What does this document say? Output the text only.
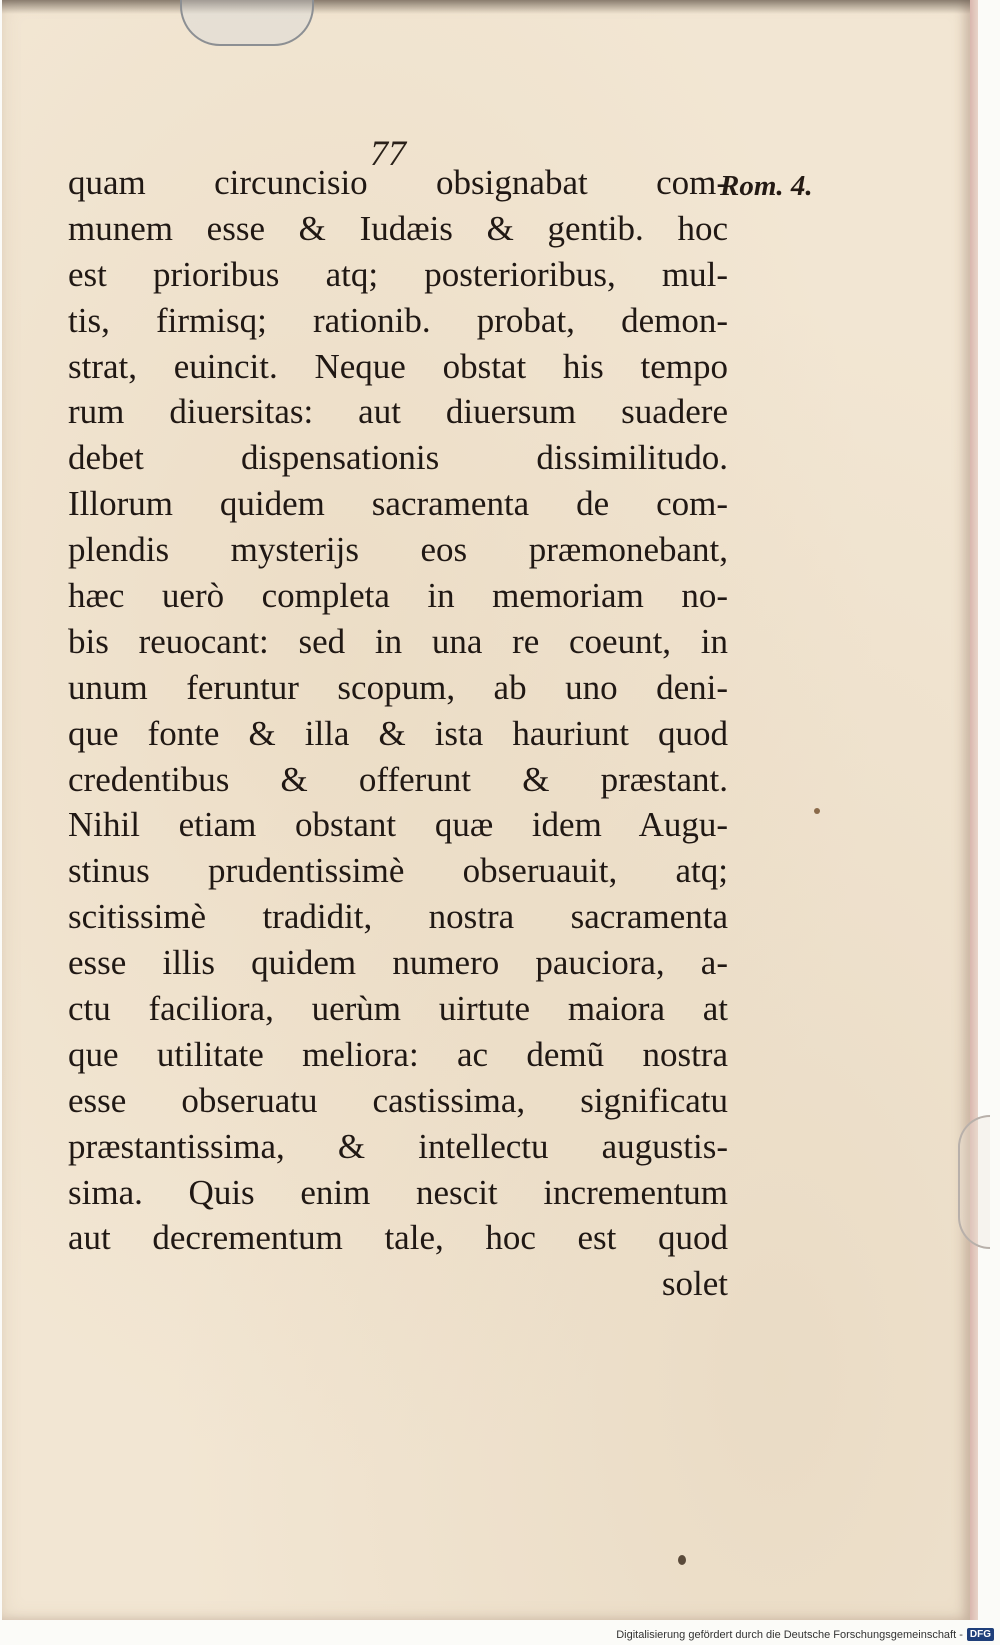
77
Rom. 4.
quam circuncisio obsignabat com-
munem esse & Iudæis & gentib. hoc
est prioribus atq; posterioribus, mul-
tis, firmisq; rationib. probat, demon-
strat, euincit. Neque obstat his tempo
rum diuersitas: aut diuersum suadere
debet dispensationis dissimilitudo.
Illorum quidem sacramenta de com-
plendis mysterijs eos præmonebant,
hæc uerò completa in memoriam no-
bis reuocant: sed in una re coeunt, in
unum feruntur scopum, ab uno deni-
que fonte & illa & ista hauriunt quod
credentibus & offerunt & præstant.
Nihil etiam obstant quæ idem Augu-
stinus prudentissimè obseruauit, atq;
scitissimè tradidit, nostra sacramenta
esse illis quidem numero pauciora, a-
ctu faciliora, uerùm uirtute maiora at
que utilitate meliora: ac demũ nostra
esse obseruatu castissima, significatu
præstantissima, & intellectu augustis-
sima. Quis enim nescit incrementum
aut decrementum tale, hoc est quod
solet
Digitalisierung gefördert durch die Deutsche Forschungsgemeinschaft - DFG
